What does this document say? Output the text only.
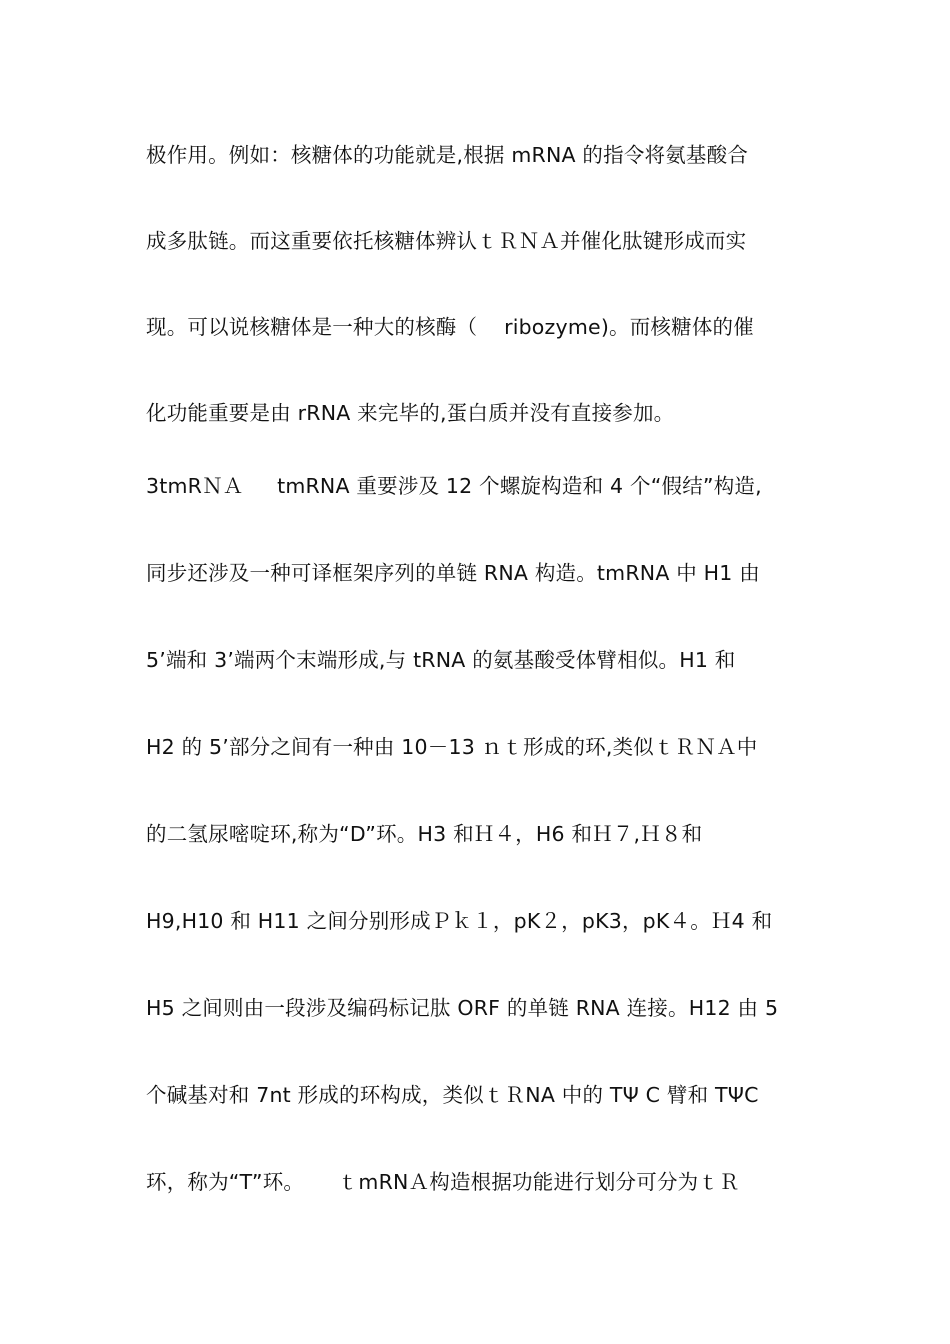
极作用。例如：核糖体的功能就是,根据 mRNA 的指令将氨基酸合
成多肽链。而这重要依托核糖体辨认ｔＲＮＡ并催化肽键形成而实
现。可以说核糖体是一种大的核酶（    ribozyme)。而核糖体的催
化功能重要是由 rRNA 来完毕的,蛋白质并没有直接参加。
3tmRＮＡ     tmRNA 重要涉及 12 个螺旋构造和 4 个“假结”构造,
同步还涉及一种可译框架序列的单链 RNA 构造。tmRNA 中 H1 由
5’端和 3’端两个末端形成,与 tRNA 的氨基酸受体臂相似。H1 和
H2 的 5’部分之间有一种由 10－13 ｎｔ形成的环,类似ｔＲＮＡ中
的二氢尿嘧啶环,称为“D”环。H3 和Ｈ４，H6 和Ｈ７,Ｈ８和
H9,H10 和 H11 之间分别形成Ｐｋ１，pK２，pK3，pK４。Ｈ4 和
H5 之间则由一段涉及编码标记肽 ORF 的单链 RNA 连接。H12 由 5
个碱基对和 7nt 形成的环构成，类似ｔＲNA 中的 TΨ C 臂和 TΨC
环，称为“T”环。     ｔmRNＡ构造根据功能进行划分可分为ｔＲ
